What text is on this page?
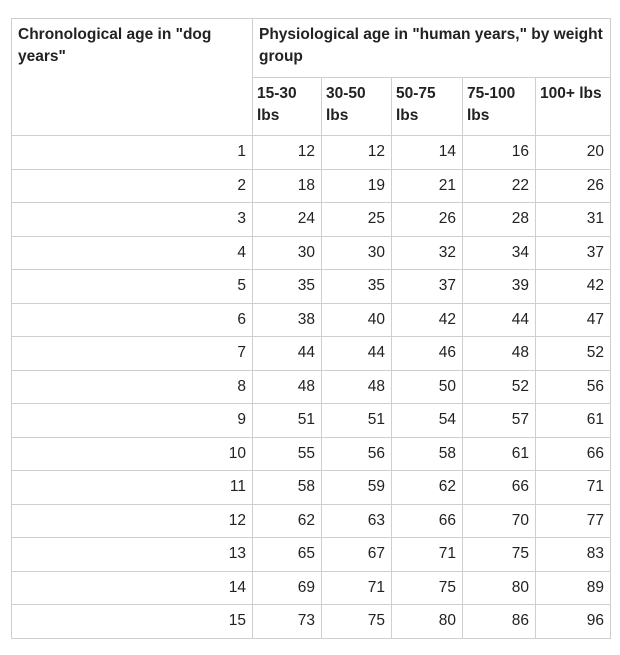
Chronological age in "dog years"	Physiological age in "human years," by weight group				
	15-30 lbs	30-50 lbs	50-75 lbs	75-100 lbs	100+ lbs
1	12	12	14	16	20
2	18	19	21	22	26
3	24	25	26	28	31
4	30	30	32	34	37
5	35	35	37	39	42
6	38	40	42	44	47
7	44	44	46	48	52
8	48	48	50	52	56
9	51	51	54	57	61
10	55	56	58	61	66
11	58	59	62	66	71
12	62	63	66	70	77
13	65	67	71	75	83
14	69	71	75	80	89
15	73	75	80	86	96
